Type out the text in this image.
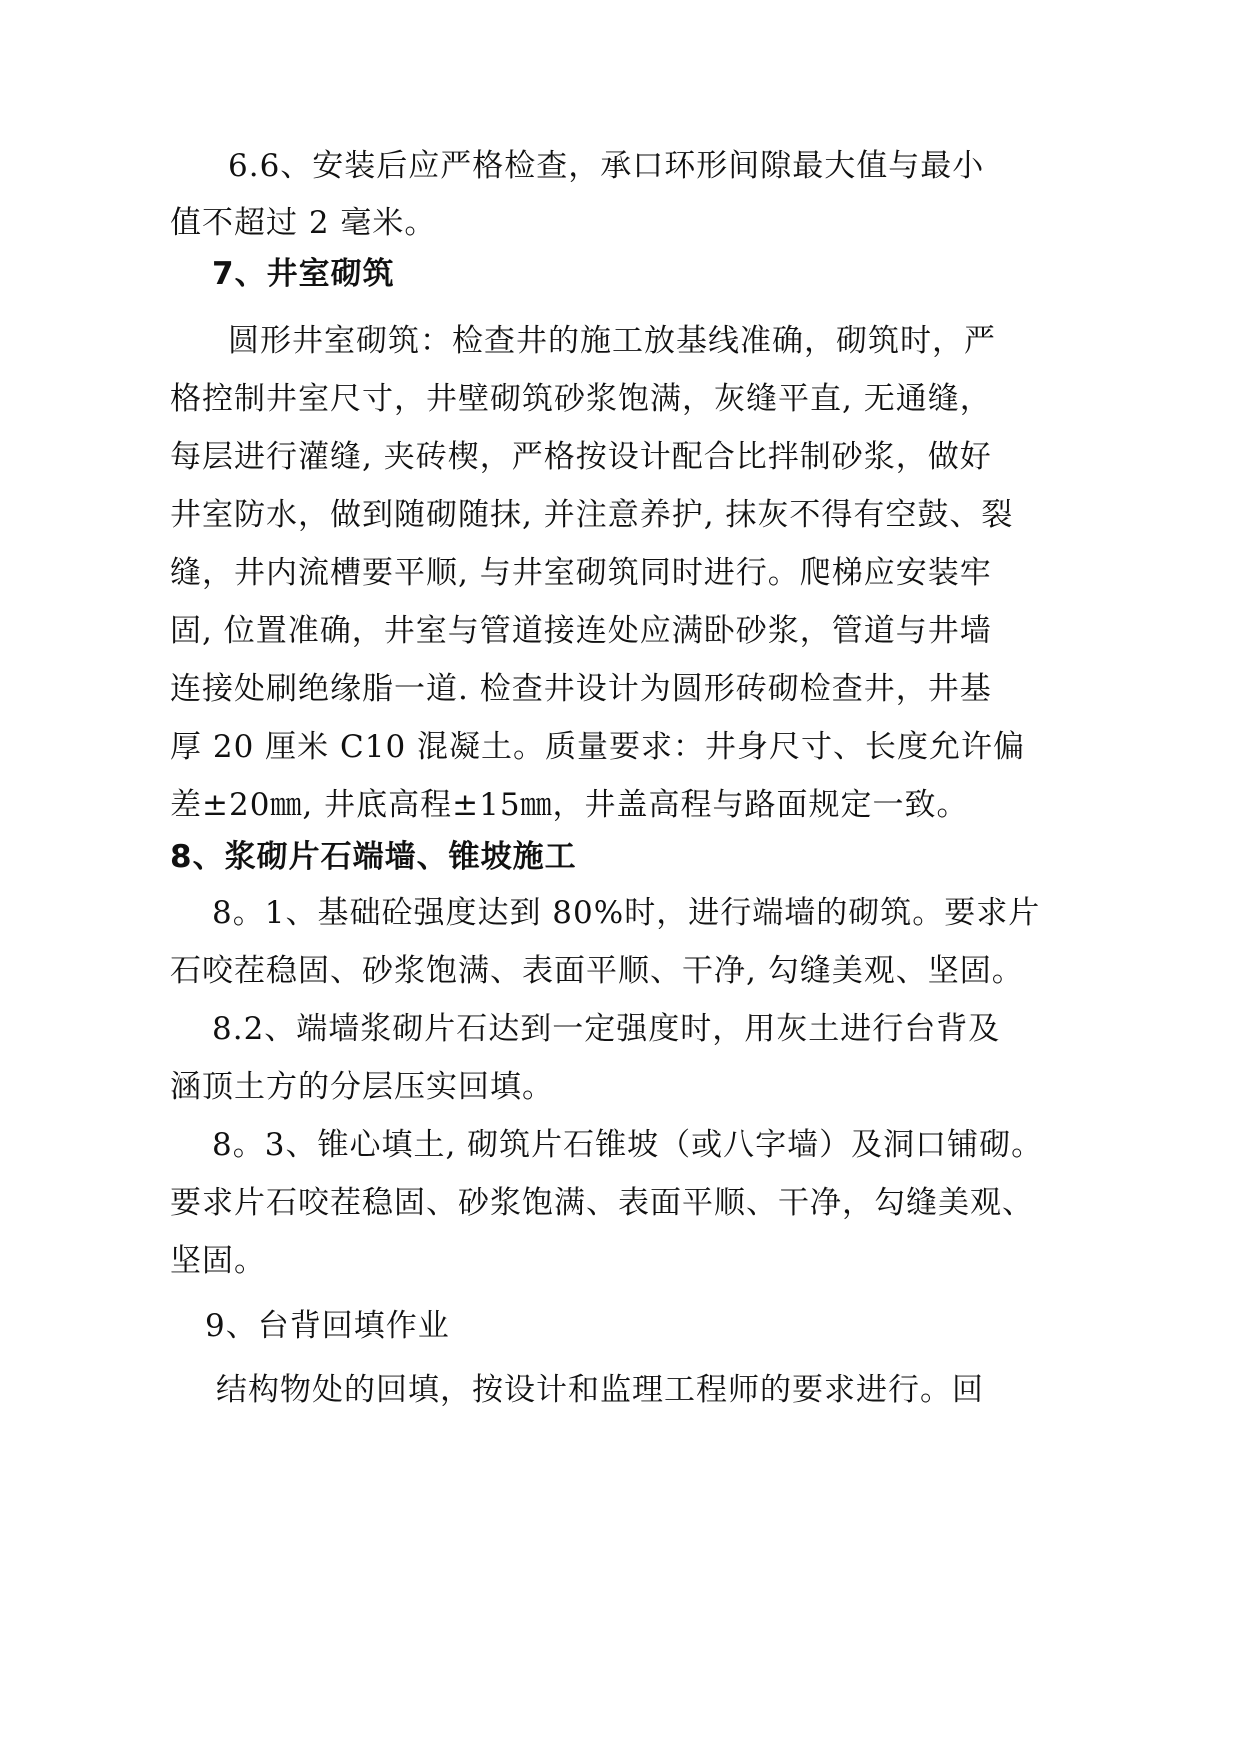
6.6、安装后应严格检查，承口环形间隙最大值与最小
值不超过 2 毫米。
7、井室砌筑
圆形井室砌筑：检查井的施工放基线准确，砌筑时，严
格控制井室尺寸，井壁砌筑砂浆饱满，灰缝平直, 无通缝，
每层进行灌缝, 夹砖楔，严格按设计配合比拌制砂浆，做好
井室防水，做到随砌随抹, 并注意养护, 抹灰不得有空鼓、裂
缝，井内流槽要平顺, 与井室砌筑同时进行。爬梯应安装牢
固, 位置准确，井室与管道接连处应满卧砂浆，管道与井墙
连接处刷绝缘脂一道. 检查井设计为圆形砖砌检查井，井基
厚 20 厘米 C10 混凝土。质量要求：井身尺寸、长度允许偏
差±20㎜, 井底高程±15㎜，井盖高程与路面规定一致。
8、浆砌片石端墙、锥坡施工
8。1、基础砼强度达到 80%时，进行端墙的砌筑。要求片
石咬茬稳固、砂浆饱满、表面平顺、干净, 勾缝美观、坚固。
8.2、端墙浆砌片石达到一定强度时，用灰土进行台背及
涵顶土方的分层压实回填。
8。3、锥心填土, 砌筑片石锥坡（或八字墙）及洞口铺砌。
要求片石咬茬稳固、砂浆饱满、表面平顺、干净，勾缝美观、
坚固。
9、台背回填作业
结构物处的回填，按设计和监理工程师的要求进行。回
